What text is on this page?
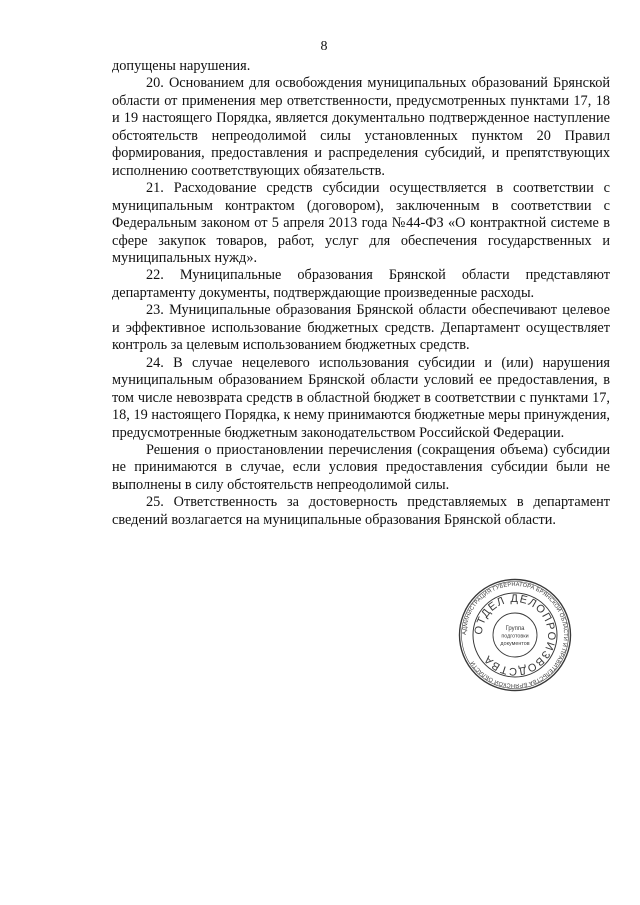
8

допущены нарушения.

20. Основанием для освобождения муниципальных образований Брянской области от применения мер ответственности, предусмотренных пунктами 17, 18 и 19 настоящего Порядка, является документально подтвержденное наступление обстоятельств непреодолимой силы установленных пунктом 20 Правил формирования, предоставления и распределения субсидий, и препятствующих исполнению соответствующих обязательств.

21. Расходование средств субсидии осуществляется в соответствии с муниципальным контрактом (договором), заключенным в соответствии с Федеральным законом от 5 апреля 2013 года №44-ФЗ «О контрактной системе в сфере закупок товаров, работ, услуг для обеспечения государственных и муниципальных нужд».

22. Муниципальные образования Брянской области представляют департаменту документы, подтверждающие произведенные расходы.

23. Муниципальные образования Брянской области обеспечивают целевое и эффективное использование бюджетных средств. Департамент осуществляет контроль за целевым использованием бюджетных средств.

24. В случае нецелевого использования субсидии и (или) нарушения муниципальным образованием Брянской области условий ее предоставления, в том числе невозврата средств в областной бюджет в соответствии с пунктами 17, 18, 19 настоящего Порядка, к нему принимаются бюджетные меры принуждения, предусмотренные бюджетным законодательством Российской Федерации.

Решения о приостановлении перечисления (сокращения объема) субсидии не принимаются в случае, если условия предоставления субсидии были не выполнены в силу обстоятельств непреодолимой силы.

25. Ответственность за достоверность представляемых в департамент сведений возлагается на муниципальные образования Брянской области.

АДМИНИСТРАЦИЯ ГУБЕРНАТОРА БРЯНСКОЙ ОБЛАСТИ И ПРАВИТЕЛЬСТВА БРЯНСКОЙ ОБЛАСТИ
ОТДЕЛ ДЕЛОПРОИЗВОДСТВА
Группа
подготовки
документов
